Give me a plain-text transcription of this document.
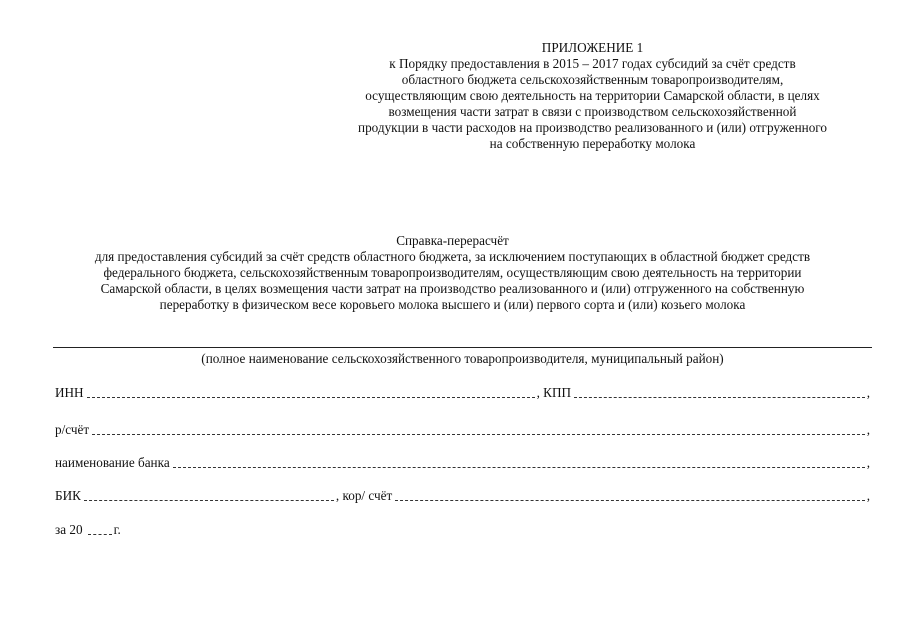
ПРИЛОЖЕНИЕ 1
к Порядку предоставления в 2015 – 2017 годах субсидий за счёт средств
областного бюджета сельскохозяйственным товаропроизводителям,
осуществляющим свою деятельность на территории Самарской области, в целях
возмещения части затрат в связи с производством сельскохозяйственной
продукции в части расходов на производство реализованного и (или) отгруженного
на собственную переработку молока
Справка-перерасчёт
для предоставления субсидий за счёт средств областного бюджета, за исключением поступающих в областной бюджет средств
федерального бюджета, сельскохозяйственным товаропроизводителям, осуществляющим свою деятельность на территории
Самарской области, в целях возмещения части затрат на производство реализованного и (или) отгруженного на собственную
переработку в физическом весе коровьего молока высшего и (или) первого сорта и (или) козьего молока
(полное наименование сельскохозяйственного товаропроизводителя, муниципальный район)
ИНН	, КПП	,
р/счёт	,
наименование банка	,
БИК	, кор/ счёт	,
за 20 г.
